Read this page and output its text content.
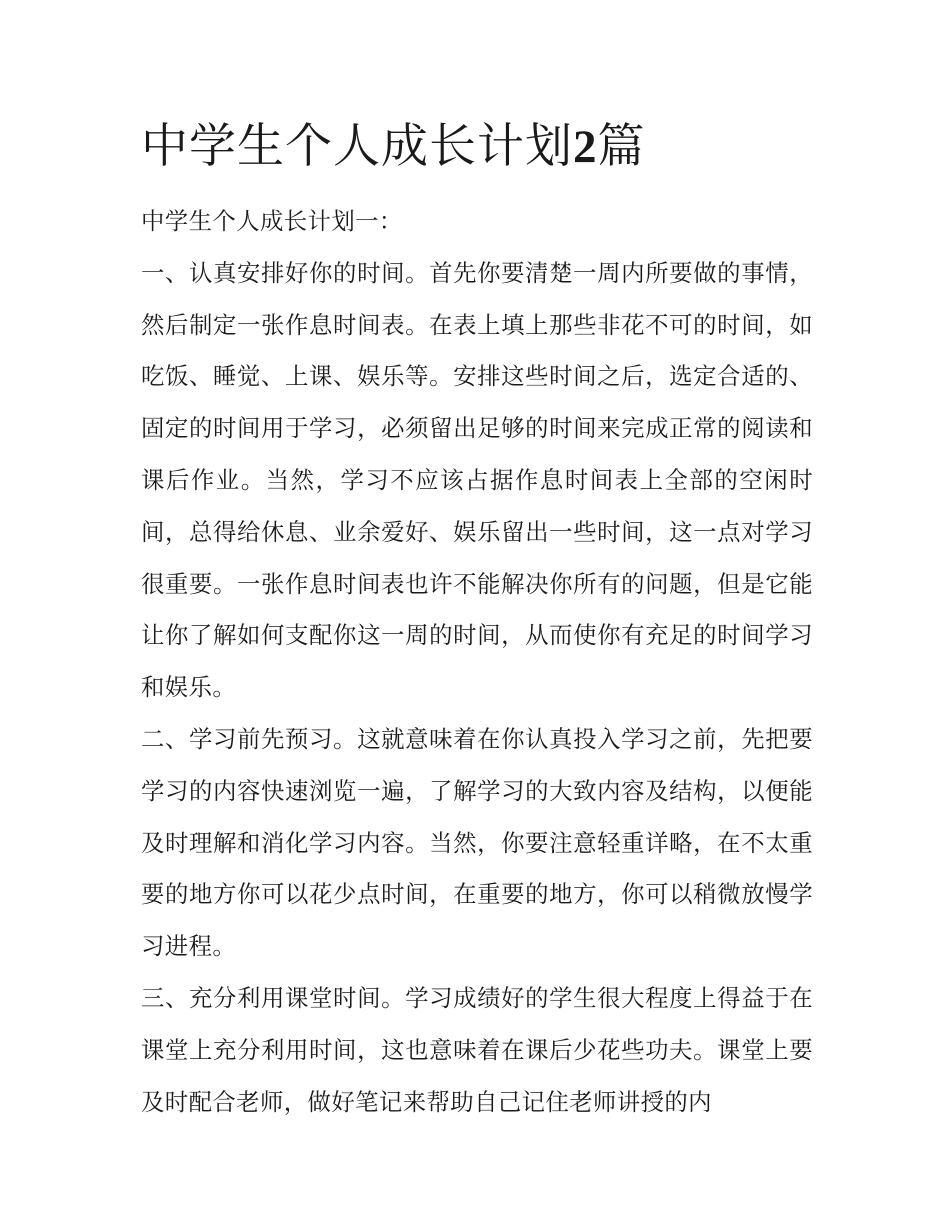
中学生个人成长计划2篇

中学生个人成长计划一：

一、认真安排好你的时间。首先你要清楚一周内所要做的事情，然后制定一张作息时间表。在表上填上那些非花不可的时间，如吃饭、睡觉、上课、娱乐等。安排这些时间之后，选定合适的、固定的时间用于学习，必须留出足够的时间来完成正常的阅读和课后作业。当然，学习不应该占据作息时间表上全部的空闲时间，总得给休息、业余爱好、娱乐留出一些时间，这一点对学习很重要。一张作息时间表也许不能解决你所有的问题，但是它能让你了解如何支配你这一周的时间，从而使你有充足的时间学习和娱乐。

二、学习前先预习。这就意味着在你认真投入学习之前，先把要学习的内容快速浏览一遍，了解学习的大致内容及结构，以便能及时理解和消化学习内容。当然，你要注意轻重详略，在不太重要的地方你可以花少点时间，在重要的地方，你可以稍微放慢学习进程。

三、充分利用课堂时间。学习成绩好的学生很大程度上得益于在课堂上充分利用时间，这也意味着在课后少花些功夫。课堂上要及时配合老师，做好笔记来帮助自己记住老师讲授的内
